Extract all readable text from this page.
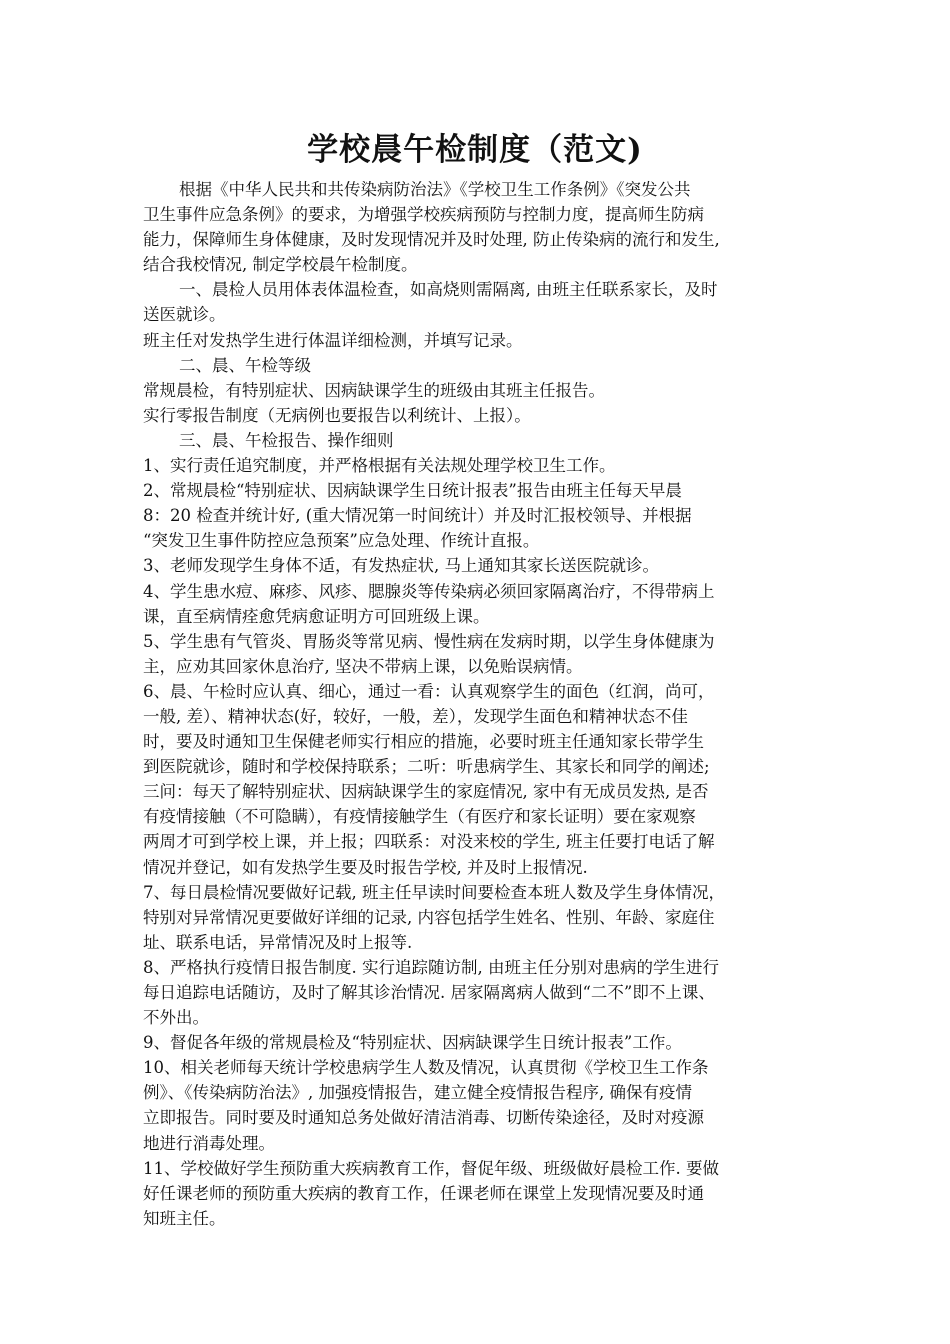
学校晨午检制度（范文)
根据《中华人民共和共传染病防治法》《学校卫生工作条例》《突发公共
卫生事件应急条例》的要求，为增强学校疾病预防与控制力度，提高师生防病
能力，保障师生身体健康，及时发现情况并及时处理, 防止传染病的流行和发生,
结合我校情况, 制定学校晨午检制度。
一、晨检人员用体表体温检查，如高烧则需隔离, 由班主任联系家长，及时
送医就诊。
班主任对发热学生进行体温详细检测，并填写记录。
二、晨、午检等级
常规晨检，有特别症状、因病缺课学生的班级由其班主任报告。
实行零报告制度（无病例也要报告以利统计、上报）。
三、晨、午检报告、操作细则
1、实行责任追究制度，并严格根据有关法规处理学校卫生工作。
2、常规晨检“特别症状、因病缺课学生日统计报表”报告由班主任每天早晨
8：20 检查并统计好, (重大情况第一时间统计）并及时汇报校领导、并根据
“突发卫生事件防控应急预案”应急处理、作统计直报。
3、老师发现学生身体不适，有发热症状, 马上通知其家长送医院就诊。
4、学生患水痘、麻疹、风疹、腮腺炎等传染病必须回家隔离治疗，不得带病上
课，直至病情痊愈凭病愈证明方可回班级上课。
5、学生患有气管炎、胃肠炎等常见病、慢性病在发病时期，以学生身体健康为
主，应劝其回家休息治疗, 坚决不带病上课，以免贻误病情。
6、晨、午检时应认真、细心，通过一看：认真观察学生的面色（红润，尚可，
一般, 差）、精神状态(好，较好，一般，差），发现学生面色和精神状态不佳
时，要及时通知卫生保健老师实行相应的措施，必要时班主任通知家长带学生
到医院就诊，随时和学校保持联系；二听：听患病学生、其家长和同学的阐述;
三问：每天了解特别症状、因病缺课学生的家庭情况, 家中有无成员发热, 是否
有疫情接触（不可隐瞒），有疫情接触学生（有医疗和家长证明）要在家观察
两周才可到学校上课，并上报；四联系：对没来校的学生, 班主任要打电话了解
情况并登记，如有发热学生要及时报告学校, 并及时上报情况.
7、每日晨检情况要做好记载, 班主任早读时间要检查本班人数及学生身体情况，
特别对异常情况更要做好详细的记录, 内容包括学生姓名、性别、年龄、家庭住
址、联系电话，异常情况及时上报等.
8、严格执行疫情日报告制度. 实行追踪随访制, 由班主任分别对患病的学生进行
每日追踪电话随访，及时了解其诊治情况. 居家隔离病人做到“二不”即不上课、
不外出。
9、督促各年级的常规晨检及“特别症状、因病缺课学生日统计报表”工作。
10、相关老师每天统计学校患病学生人数及情况，认真贯彻《学校卫生工作条
例》、《传染病防治法》, 加强疫情报告，建立健全疫情报告程序, 确保有疫情
立即报告。同时要及时通知总务处做好清洁消毒、切断传染途径，及时对疫源
地进行消毒处理。
11、学校做好学生预防重大疾病教育工作，督促年级、班级做好晨检工作. 要做
好任课老师的预防重大疾病的教育工作，任课老师在课堂上发现情况要及时通
知班主任。
